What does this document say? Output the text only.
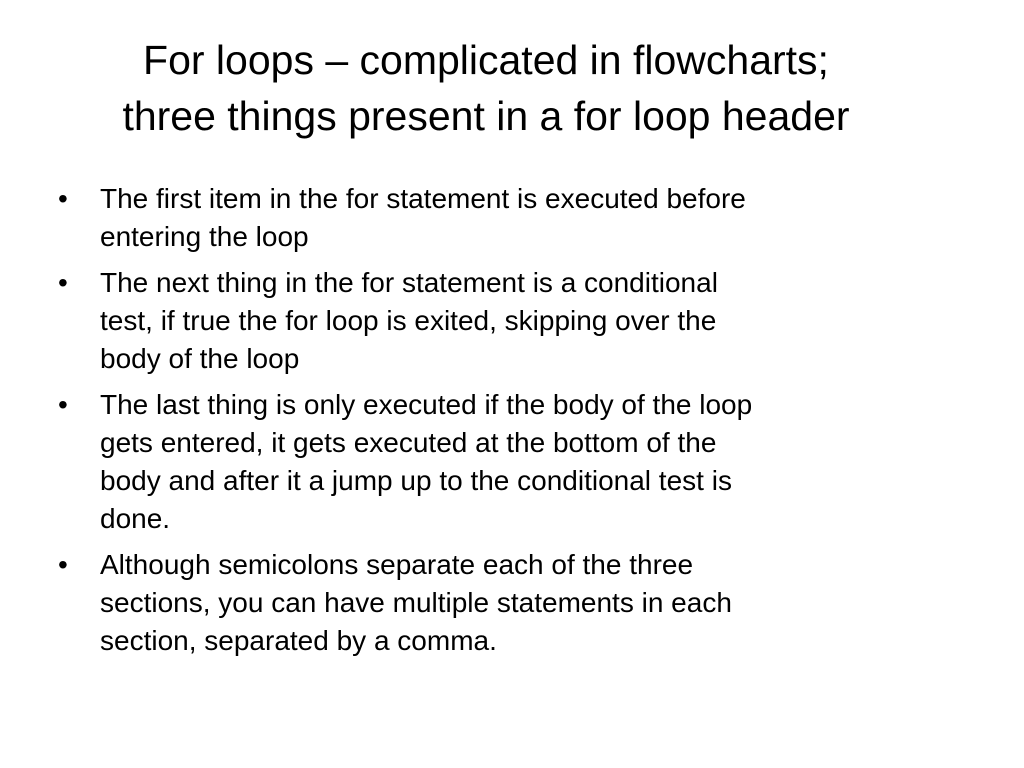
For loops – complicated in flowcharts;
three things present in a for loop header
•	The first item in the for statement is executed before
entering the loop
•	The next thing in the for statement is a conditional
test, if true the for loop is exited, skipping over the
body of the loop
•	The last thing is only executed if the body of the loop
gets entered, it gets executed at the bottom of the
body and after it a jump up to the conditional test is
done.
•	Although semicolons separate each of the three
sections, you can have multiple statements in each
section, separated by a comma.
